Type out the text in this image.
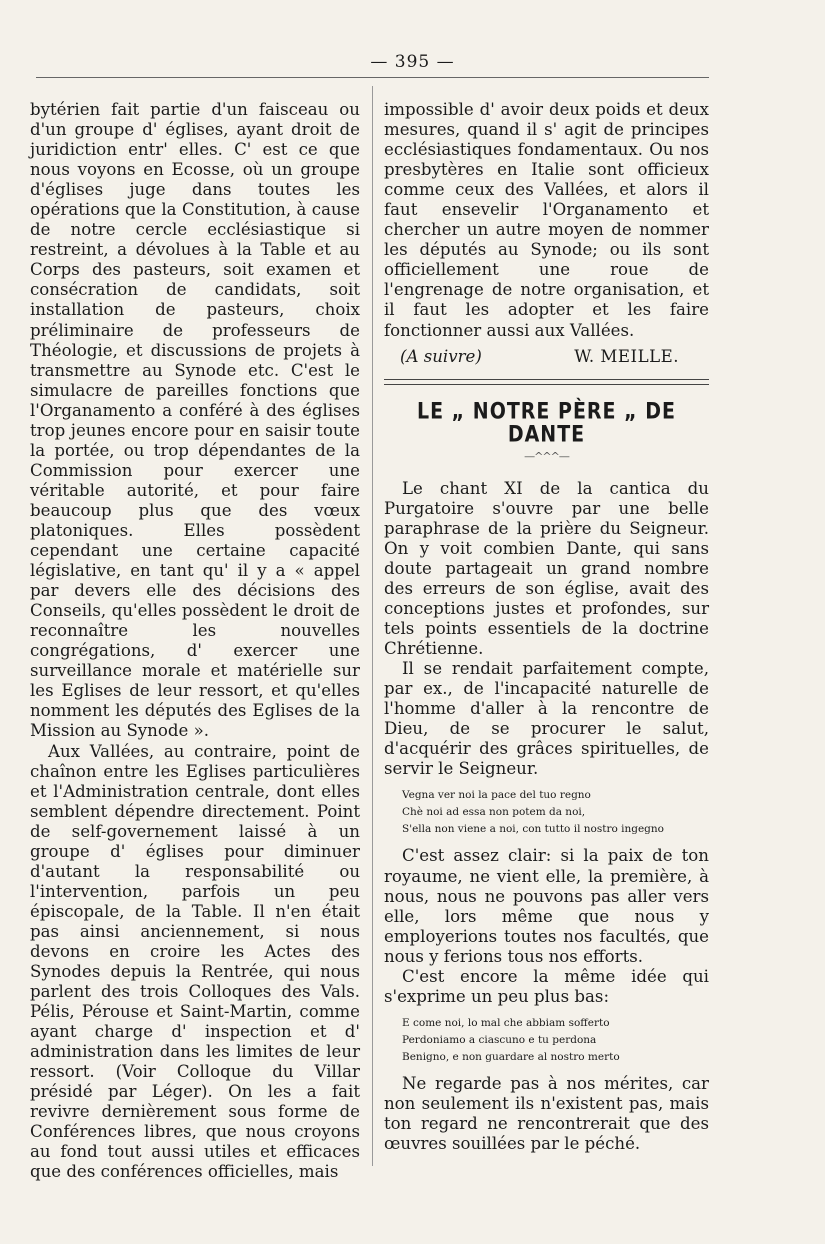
— 395 —

bytérien fait partie d'un faisceau ou d'un groupe d' églises, ayant droit de juridiction entr' elles. C' est ce que nous voyons en Ecosse, où un groupe d'églises juge dans toutes les opérations que la Constitution, à cause de notre cercle ecclésiastique si restreint, a dévolues à la Table et au Corps des pasteurs, soit examen et consécration de candidats, soit installation de pasteurs, choix préliminaire de professeurs de Théologie, et discussions de projets à transmettre au Synode etc. C'est le simulacre de pareilles fonctions que l'Organamento a conféré à des églises trop jeunes encore pour en saisir toute la portée, ou trop dépendantes de la Commission pour exercer une véritable autorité, et pour faire beaucoup plus que des vœux platoniques. Elles possèdent cependant une certaine capacité législative, en tant qu' il y a « appel par devers elle des décisions des Conseils, qu'elles possèdent le droit de reconnaître les nouvelles congrégations, d' exercer une surveillance morale et matérielle sur les Eglises de leur ressort, et qu'elles nomment les députés des Eglises de la Mission au Synode ».

Aux Vallées, au contraire, point de chaînon entre les Eglises particulières et l'Administration centrale, dont elles semblent dépendre directement. Point de self-governement laissé à un groupe d' églises pour diminuer d'autant la responsabilité ou l'intervention, parfois un peu épiscopale, de la Table. Il n'en était pas ainsi anciennement, si nous devons en croire les Actes des Synodes depuis la Rentrée, qui nous parlent des trois Colloques des Vals. Pélis, Pérouse et Saint-Martin, comme ayant charge d' inspection et d' administration dans les limites de leur ressort. (Voir Colloque du Villar présidé par Léger). On les a fait revivre dernièrement sous forme de Conférences libres, que nous croyons au fond tout aussi utiles et efficaces que des conférences officielles, mais

impossible d' avoir deux poids et deux mesures, quand il s' agit de principes ecclésiastiques fondamentaux. Ou nos presbytères en Italie sont officieux comme ceux des Vallées, et alors il faut ensevelir l'Organamento et chercher un autre moyen de nommer les députés au Synode; ou ils sont officiellement une roue de l'engrenage de notre organisation, et il faut les adopter et les faire fonctionner aussi aux Vallées.

(A suivre)	W. MEILLE.
LE „ NOTRE PÈRE „ DE DANTE
—^^^—

Le chant XI de la cantica du Purgatoire s'ouvre par une belle paraphrase de la prière du Seigneur. On y voit combien Dante, qui sans doute partageait un grand nombre des erreurs de son église, avait des conceptions justes et profondes, sur tels points essentiels de la doctrine Chrétienne.

Il se rendait parfaitement compte, par ex., de l'incapacité naturelle de l'homme d'aller à la rencontre de Dieu, de se procurer le salut, d'acquérir des grâces spirituelles, de servir le Seigneur.

Vegna ver noi la pace del tuo regno
Chè noi ad essa non potem da noi,
S'ella non viene a noi, con tutto il nostro ingegno

C'est assez clair: si la paix de ton royaume, ne vient elle, la première, à nous, nous ne pouvons pas aller vers elle, lors même que nous y employerions toutes nos facultés, que nous y ferions tous nos efforts.

C'est encore la même idée qui s'exprime un peu plus bas:

E come noi, lo mal che abbiam sofferto
Perdoniamo a ciascuno e tu perdona
Benigno, e non guardare al nostro merto

Ne regarde pas à nos mérites, car non seulement ils n'existent pas, mais ton regard ne rencontrerait que des œuvres souillées par le péché.
